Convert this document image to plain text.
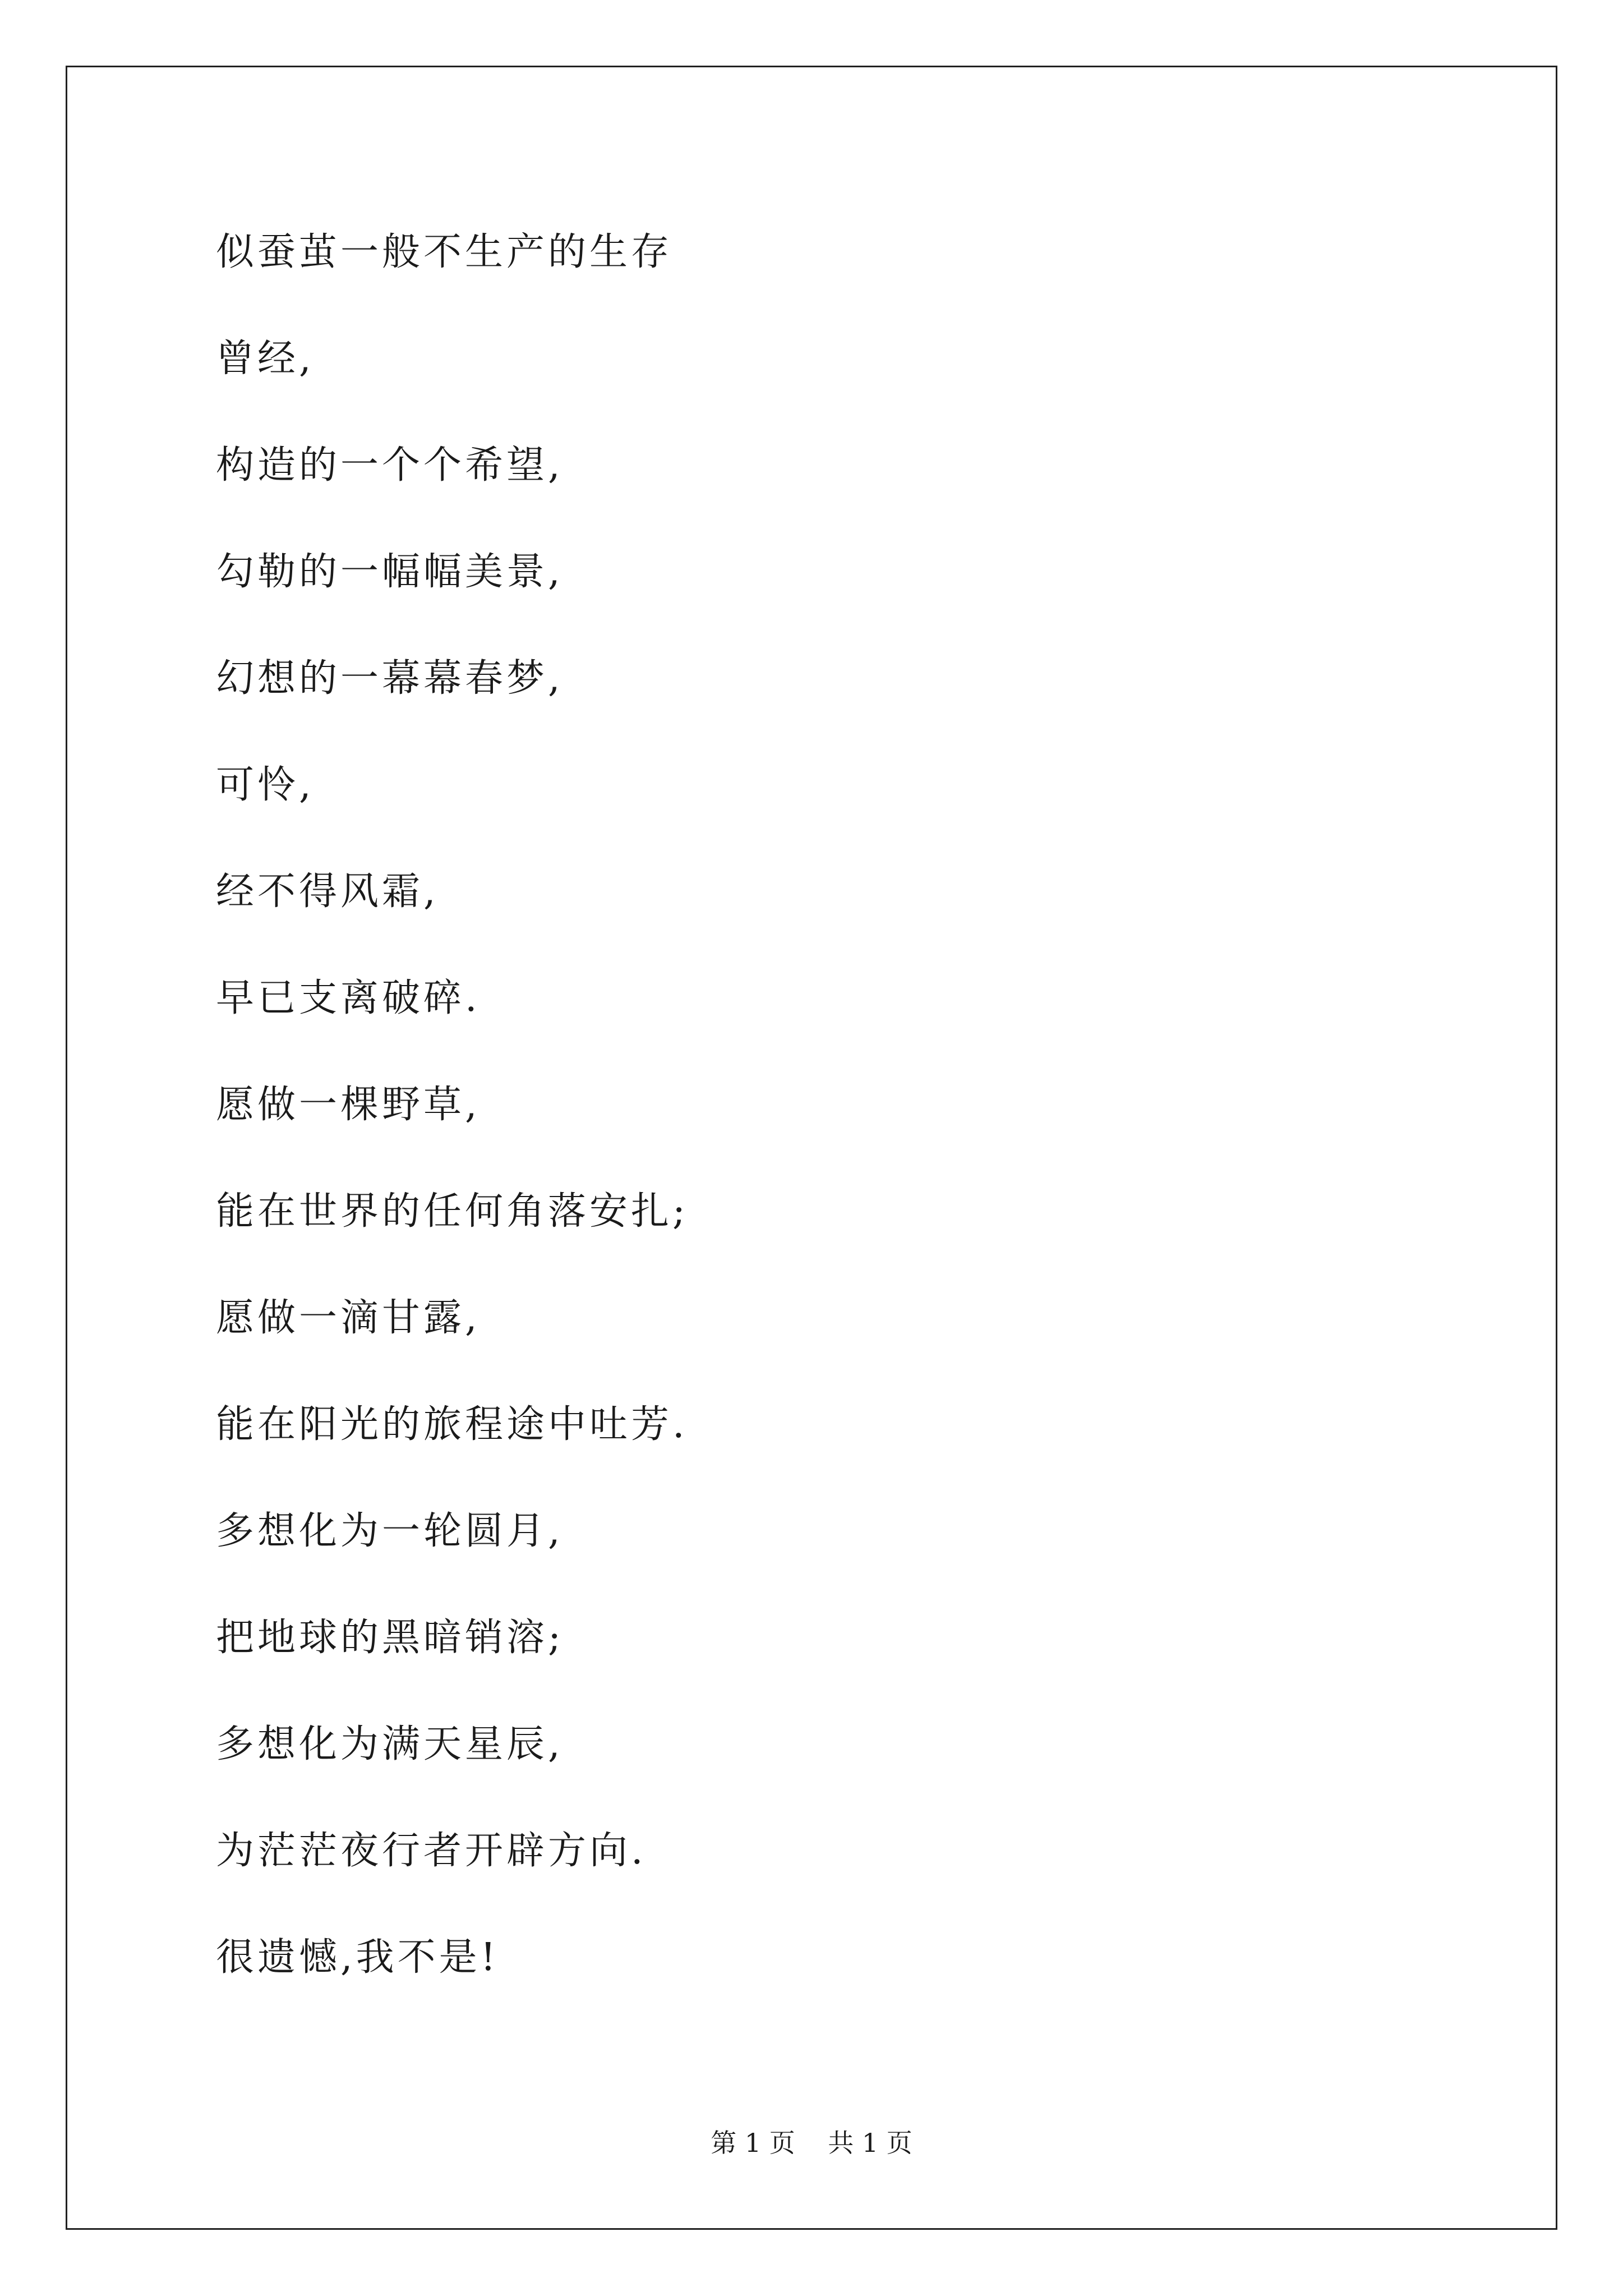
似蚕茧一般不生产的生存
曾经,
构造的一个个希望,
勾勒的一幅幅美景,
幻想的一幕幕春梦,
可怜,
经不得风霜,
早已支离破碎.
愿做一棵野草,
能在世界的任何角落安扎;
愿做一滴甘露,
能在阳光的旅程途中吐芳.
多想化为一轮圆月,
把地球的黑暗销溶;
多想化为满天星辰,
为茫茫夜行者开辟方向.
很遗憾,我不是!
第 1 页    共 1 页
